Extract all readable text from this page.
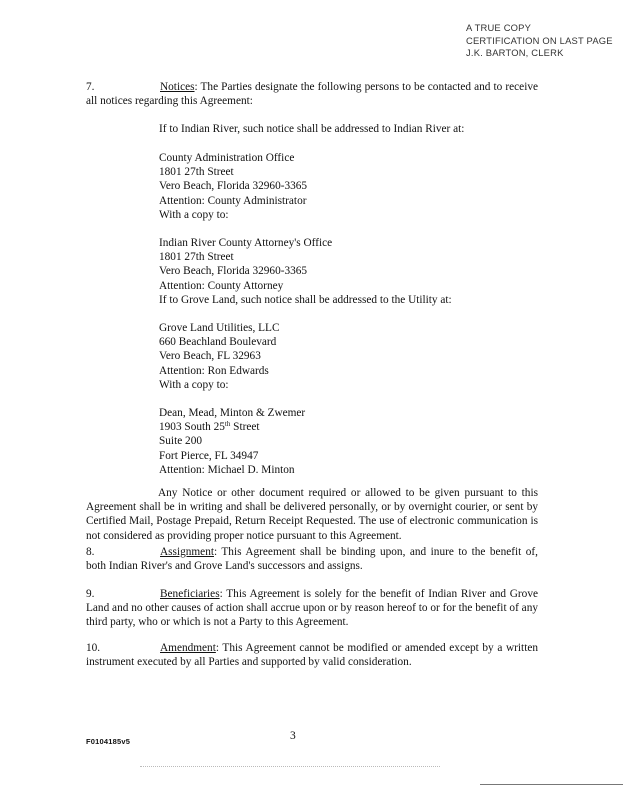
A TRUE COPY
CERTIFICATION ON LAST PAGE
J.K. BARTON, CLERK
7.	Notices: The Parties designate the following persons to be contacted and to receive all notices regarding this Agreement:
If to Indian River, such notice shall be addressed to Indian River at:
County Administration Office
1801 27th Street
Vero Beach, Florida 32960-3365
Attention: County Administrator
With a copy to:
Indian River County Attorney's Office
1801 27th Street
Vero Beach, Florida 32960-3365
Attention: County Attorney
If to Grove Land, such notice shall be addressed to the Utility at:
Grove Land Utilities, LLC
660 Beachland Boulevard
Vero Beach, FL 32963
Attention: Ron Edwards
With a copy to:
Dean, Mead, Minton & Zwemer
1903 South 25th Street
Suite 200
Fort Pierce, FL 34947
Attention: Michael D. Minton
Any Notice or other document required or allowed to be given pursuant to this Agreement shall be in writing and shall be delivered personally, or by overnight courier, or sent by Certified Mail, Postage Prepaid, Return Receipt Requested. The use of electronic communication is not considered as providing proper notice pursuant to this Agreement.
8.	Assignment: This Agreement shall be binding upon, and inure to the benefit of, both Indian River's and Grove Land's successors and assigns.
9.	Beneficiaries: This Agreement is solely for the benefit of Indian River and Grove Land and no other causes of action shall accrue upon or by reason hereof to or for the benefit of any third party, who or which is not a Party to this Agreement.
10.	Amendment: This Agreement cannot be modified or amended except by a written instrument executed by all Parties and supported by valid consideration.
F0104185v5	3
